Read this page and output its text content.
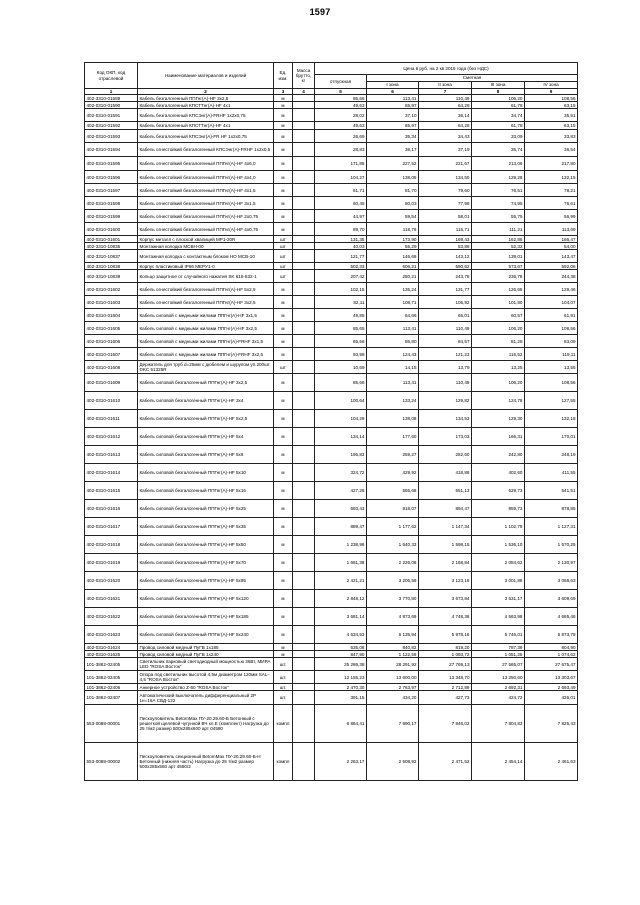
1597
Код ОКП, код отраслевой	Наименование материалов и изделий	Ед. изм.	Масса брутто, кг	Цена в руб. на 2 кв 2015 года (без НДС)				
				отпускная	Сметная			
					I зона	II зона	III зона	IV зона
1	2	3	4	5	6	7	8	9
402-3310-01589	Кабель безгалогенный ППГнг(А)-HF 3х2,5	м		85,66	113,41	110,49	106,20	108,56
402-0310-01590	Кабель безгалогенный КПСТТнг(А)-HF 4х1	м		49,63	65,97	64,28	61,78	63,15
402-0310-01591	Кабель безгалогенный КПСЭнг(А)-FRHF 1х2х0,75	м		28,02	37,10	36,14	34,74	35,51
402-0310-01592	Кабель безгалогенный КПСТТнг(А)-HF 4х1	м		49,63	65,97	64,28	61,78	63,15
402-0310-01593	Кабель безгалогенный КПСЭнг(А)-FR HF 1х2х0,75	м		26,69	35,34	34,43	33,09	33,83
402-0310-01594	Кабель огнестойкий безгалогенный КПСЭнг(А)-FRHF 1х2х0,5	м		28,83	38,17	37,19	35,74	36,54
402-0310-01595	Кабель огнестойкий безгалогенный ППГнг(А)-HF 4х6,0	м		171,85	227,52	221,67	213,06	217,80
402-0310-01596	Кабель огнестойкий безгалогенный ППГнг(А)-HF 4х4,0	м		104,27	138,05	134,50	129,28	132,15
402-0310-01597	Кабель огнестойкий безгалогенный ППГнг(А)-HF 4х1,5	м		61,71	81,70	79,60	76,51	78,21
402-0310-01598	Кабель огнестойкий безгалогенный ППГнг(А)-HF 3х1,5	м		60,45	80,03	77,98	74,95	76,61
402-0310-01599	Кабель огнестойкий безгалогенный ППГнг(А)-HF 2х0,75	м		44,97	59,54	58,01	55,75	56,99
402-0310-01600	Кабель огнестойкий безгалогенный ППГнг(А)-HF 4х0,75	м		89,70	118,76	115,71	111,21	113,69
402-0310-01601	Корпус металл с плоской хвалицей МР1-20R	шт		131,35	173,90	169,43	162,85	166,47
402-3310-10835	Монтажная колодка МСВН-00	шт		40,03	55,29	53,88	52,32	54,00
402-3310-10837	Монтажная колодка с контактным блоком НО МСВ-10	шт		121,77	146,69	143,12	139,01	143,47
402-3310-10838	Корпус пластиковый IP66 МЕРУ1-0	шт		502,33	606,21	590,62	573,67	592,06
402-3310-10839	Кольцо защитное от случайного нажатия SK 615-532-1	шт		207,42	250,21	243,78	236,78	244,38
402-0310-01602	Кабель огнестойкий безгалогенный ППГнг(А)-HF 5х2,5	м		102,15	135,24	131,77	126,65	129,46
402-0310-01603	Кабель огнестойкий безгалогенный ППГнг(А)-HF 3х2,5	м		82,11	108,71	105,92	101,80	104,07
402-0310-01604	Кабель силовой с медными жилами ППГнг(А)-HF 3х1,5	м		49,85	64,66	65,01	60,57	61,91
402-0310-01605	Кабель силовой с медными жилами ППГнг(А)-HF 3х2,5	м		85,65	113,41	110,49	106,20	108,56
402-0310-01606	Кабель силовой с медными жилами ППГнг(А)-FRHF 3х1,5	м		65,56	86,80	84,57	81,28	83,09
402-0310-01607	Кабель силовой с медными жилами ППГнг(А)-FRHF 3х2,5	м		93,98	124,43	121,23	116,52	119,11
402-0310-01608	Держатель для труб d=25мм с дюбелем и шурупом уп.200шт. DKC 51325R	шт		10,69	14,15	13,79	13,25	13,55
402-0310-01609	Кабель силовой безгалогенный ППГнг(А)-HF 3х2,5	м		85,66	113,41	110,49	106,20	108,56
402-0310-01610	Кабель силовой безгалогенный ППГнг(А)-HF 3х4	м		100,64	133,24	129,82	124,78	127,55
402-0310-01611	Кабель силовой безгалогенный ППГнг(А)-HF 5х2,5	м		104,29	138,08	134,53	129,30	132,18
402-0310-01612	Кабель силовой безгалогенный ППГнг(А)-HF 5х4	м		134,14	177,60	173,03	166,31	170,01
402-0310-01613	Кабель силовой безгалогенный ППГнг(А)-HF 5х6	м		195,83	259,27	252,60	242,80	248,19
402-0310-01614	Кабель силовой безгалогенный ППГнг(А)-HF 5х10	м		324,72	429,92	418,86	402,60	411,55
402-0310-01615	Кабель силовой безгалогенный ППГнг(А)-HF 5х16	м		427,26	565,68	551,13	529,73	541,51
402-0310-01616	Кабель силовой безгалогенный ППГнг(А)-HF 5х25	м		693,43	918,07	894,47	859,73	878,85
402-0310-01617	Кабель силовой безгалогенный ППГнг(А)-HF 5х35	м		889,47	1 177,62	1 147,34	1 102,79	1 127,31
402-0310-01618	Кабель силовой безгалогенный ППГнг(А)-HF 5х50	м		1 238,96	1 640,33	1 598,15	1 536,10	1 570,25
402-0310-01619	Кабель силовой безгалогенный ППГнг(А)-HF 5х70	м		1 681,38	2 226,08	2 168,84	2 084,62	2 130,97
402-0310-01620	Кабель силовой безгалогенный ППГнг(А)-HF 5х95	м		2 421,21	3 205,59	3 123,16	3 001,88	3 068,63
402-0310-01621	Кабель силовой безгалогенный ППГнг(А)-HF 5х120	м		2 848,12	3 770,80	3 673,84	3 531,17	3 609,69
402-0310-01622	Кабель силовой безгалогенный ППГнг(А)-HF 5х185	м		3 681,14	4 873,69	4 748,36	4 563,98	4 665,46
402-0310-01623	Кабель силовой безгалогенный ППГнг(А)-HF 5х240	м		4 634,53	6 135,94	5 978,16	5 746,01	5 873,78
402-0310-01624	Провод силовой медный ПуГВ 1х185	м		635,08	840,82	819,20	787,39	804,90
402-0310-01625	Провод силовой медный ПуГВ 1х240	м		847,90	1 122,59	1 093,72	1 051,25	1 074,62
101-3862-02405	Светильник парковый светодиодный мощностью 36Вт, МИРА LED "ROSA Восток"	шт.		25 286,38	28 291,92	27 769,13	27 565,07	27 675,47
101-3862-02405	Опора под светильник высотой 4,5м диаметром 120мм SAL-4,5 "ROSA Восток"	шт.		12 155,23	13 600,00	13 348,70	13 250,60	13 303,67
101-3862-02406	Анкерное устройство Z-50 "ROSA Восток"	шт.		2 470,30	2 763,97	2 712,89	2 692,31	2 693,49
101-3862-02407	Автоматический выключатель дифференциальный 2Р 1н=16А СВД-122	шт.		391,15	434,20	427,73	424,72	426,01
553-0088-00001	Пескоуловитель BetomMax ПУ-20.29.60-Б Бетонный с решеткой щелевой чугунной ВЧ кл.Е (комплект) Нагрузка до 25 т/м2 размер 500х285х600 арт 04580	компл		6 864,41	7 990,17	7 846,02	7 804,83	7 825,43
553-0088-00002	Пескоуловитель секционный BetomMax ПУ-20.29.60-Б-Н Бетонный (нижняя часть) Нагрузка до 25 т/м2 размер 500х285х560 арт 4580/2	компл		2 263,17	2 508,92	2 471,52	2 454,14	2 461,63
